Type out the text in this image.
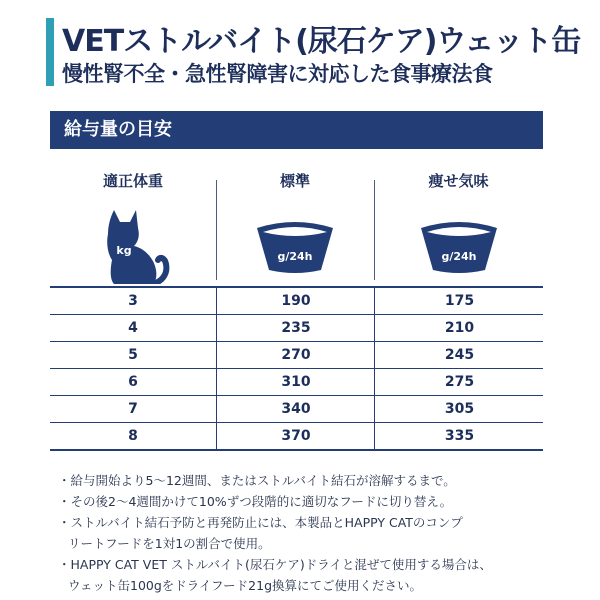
VETストルバイト(尿石ケア)ウェット缶
慢性腎不全・急性腎障害に対応した食事療法食
給与量の目安
適正体重	標準	痩せ気味
kg	g/24h	g/24h
3	190	175
4	235	210
5	270	245
6	310	275
7	340	305
8	370	335
・給与開始より5～12週間、またはストルバイト結石が溶解するまで。
・その後2～4週間かけて10%ずつ段階的に適切なフードに切り替え。
・ストルバイト結石予防と再発防止には、本製品とHAPPY CATのコンプ
リートフードを1対1の割合で使用。
・HAPPY CAT VET ストルバイト(尿石ケア)ドライと混ぜて使用する場合は、
ウェット缶100gをドライフード21g換算にてご使用ください。
